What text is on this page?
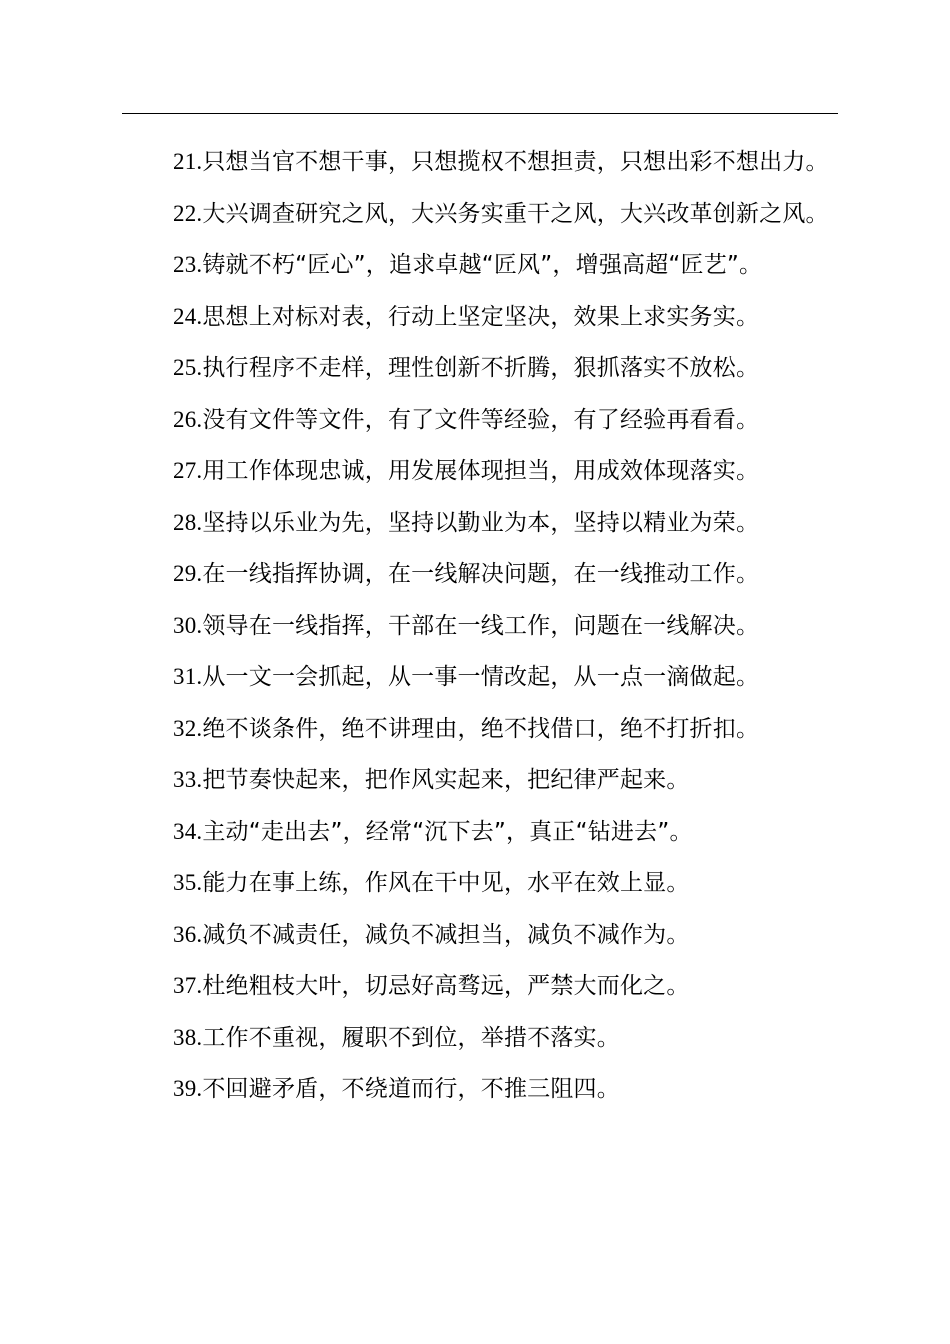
21.只想当官不想干事，只想揽权不想担责，只想出彩不想出力。

22.大兴调查研究之风，大兴务实重干之风，大兴改革创新之风。

23.铸就不朽“匠心”，追求卓越“匠风”，增强高超“匠艺”。

24.思想上对标对表，行动上坚定坚决，效果上求实务实。

25.执行程序不走样，理性创新不折腾，狠抓落实不放松。

26.没有文件等文件，有了文件等经验，有了经验再看看。

27.用工作体现忠诚，用发展体现担当，用成效体现落实。

28.坚持以乐业为先，坚持以勤业为本，坚持以精业为荣。

29.在一线指挥协调，在一线解决问题，在一线推动工作。

30.领导在一线指挥，干部在一线工作，问题在一线解决。

31.从一文一会抓起，从一事一情改起，从一点一滴做起。

32.绝不谈条件，绝不讲理由，绝不找借口，绝不打折扣。

33.把节奏快起来，把作风实起来，把纪律严起来。

34.主动“走出去”，经常“沉下去”，真正“钻进去”。

35.能力在事上练，作风在干中见，水平在效上显。

36.减负不减责任，减负不减担当，减负不减作为。

37.杜绝粗枝大叶，切忌好高骛远，严禁大而化之。

38.工作不重视，履职不到位，举措不落实。

39.不回避矛盾，不绕道而行，不推三阻四。
